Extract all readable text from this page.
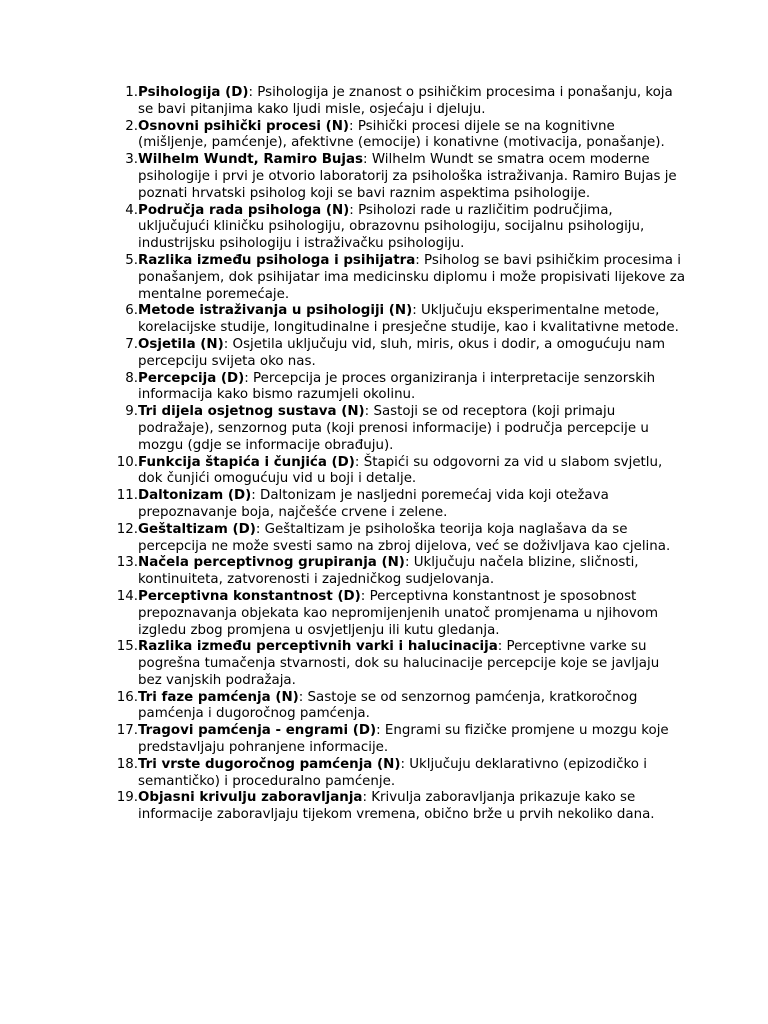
1. Psihologija (D): Psihologija je znanost o psihičkim procesima i ponašanju, koja se bavi pitanjima kako ljudi misle, osjećaju i djeluju.
2. Osnovni psihički procesi (N): Psihički procesi dijele se na kognitivne (mišljenje, pamćenje), afektivne (emocije) i konativne (motivacija, ponašanje).
3. Wilhelm Wundt, Ramiro Bujas: Wilhelm Wundt se smatra ocem moderne psihologije i prvi je otvorio laboratorij za psihološka istraživanja. Ramiro Bujas je poznati hrvatski psiholog koji se bavi raznim aspektima psihologije.
4. Područja rada psihologa (N): Psiholozi rade u različitim područjima, uključujući kliničku psihologiju, obrazovnu psihologiju, socijalnu psihologiju, industrijsku psihologiju i istraživačku psihologiju.
5. Razlika između psihologa i psihijatra: Psiholog se bavi psihičkim procesima i ponašanjem, dok psihijatar ima medicinsku diplomu i može propisivati lijekove za mentalne poremećaje.
6. Metode istraživanja u psihologiji (N): Uključuju eksperimentalne metode, korelacijske studije, longitudinalne i presječne studije, kao i kvalitativne metode.
7. Osjetila (N): Osjetila uključuju vid, sluh, miris, okus i dodir, a omogućuju nam percepciju svijeta oko nas.
8. Percepcija (D): Percepcija je proces organiziranja i interpretacije senzorskih informacija kako bismo razumjeli okolinu.
9. Tri dijela osjetnog sustava (N): Sastoji se od receptora (koji primaju podražaje), senzornog puta (koji prenosi informacije) i područja percepcije u mozgu (gdje se informacije obrađuju).
10. Funkcija štapića i čunjića (D): Štapići su odgovorni za vid u slabom svjetlu, dok čunjići omogućuju vid u boji i detalje.
11. Daltonizam (D): Daltonizam je nasljedni poremećaj vida koji otežava prepoznavanje boja, najčešće crvene i zelene.
12. Geštaltizam (D): Geštaltizam je psihološka teorija koja naglašava da se percepcija ne može svesti samo na zbroj dijelova, već se doživljava kao cjelina.
13. Načela perceptivnog grupiranja (N): Uključuju načela blizine, sličnosti, kontinuiteta, zatvorenosti i zajedničkog sudjelovanja.
14. Perceptivna konstantnost (D): Perceptivna konstantnost je sposobnost prepoznavanja objekata kao nepromijenjenih unatoč promjenama u njihovom izgledu zbog promjena u osvjetljenju ili kutu gledanja.
15. Razlika između perceptivnih varki i halucinacija: Perceptivne varke su pogrešna tumačenja stvarnosti, dok su halucinacije percepcije koje se javljaju bez vanjskih podražaja.
16. Tri faze pamćenja (N): Sastoje se od senzornog pamćenja, kratkoročnog pamćenja i dugoročnog pamćenja.
17. Tragovi pamćenja - engrami (D): Engrami su fizičke promjene u mozgu koje predstavljaju pohranjene informacije.
18. Tri vrste dugoročnog pamćenja (N): Uključuju deklarativno (epizodičko i semantičko) i proceduralno pamćenje.
19. Objasni krivulju zaboravljanja: Krivulja zaboravljanja prikazuje kako se informacije zaboravljaju tijekom vremena, obično brže u prvih nekoliko dana.
